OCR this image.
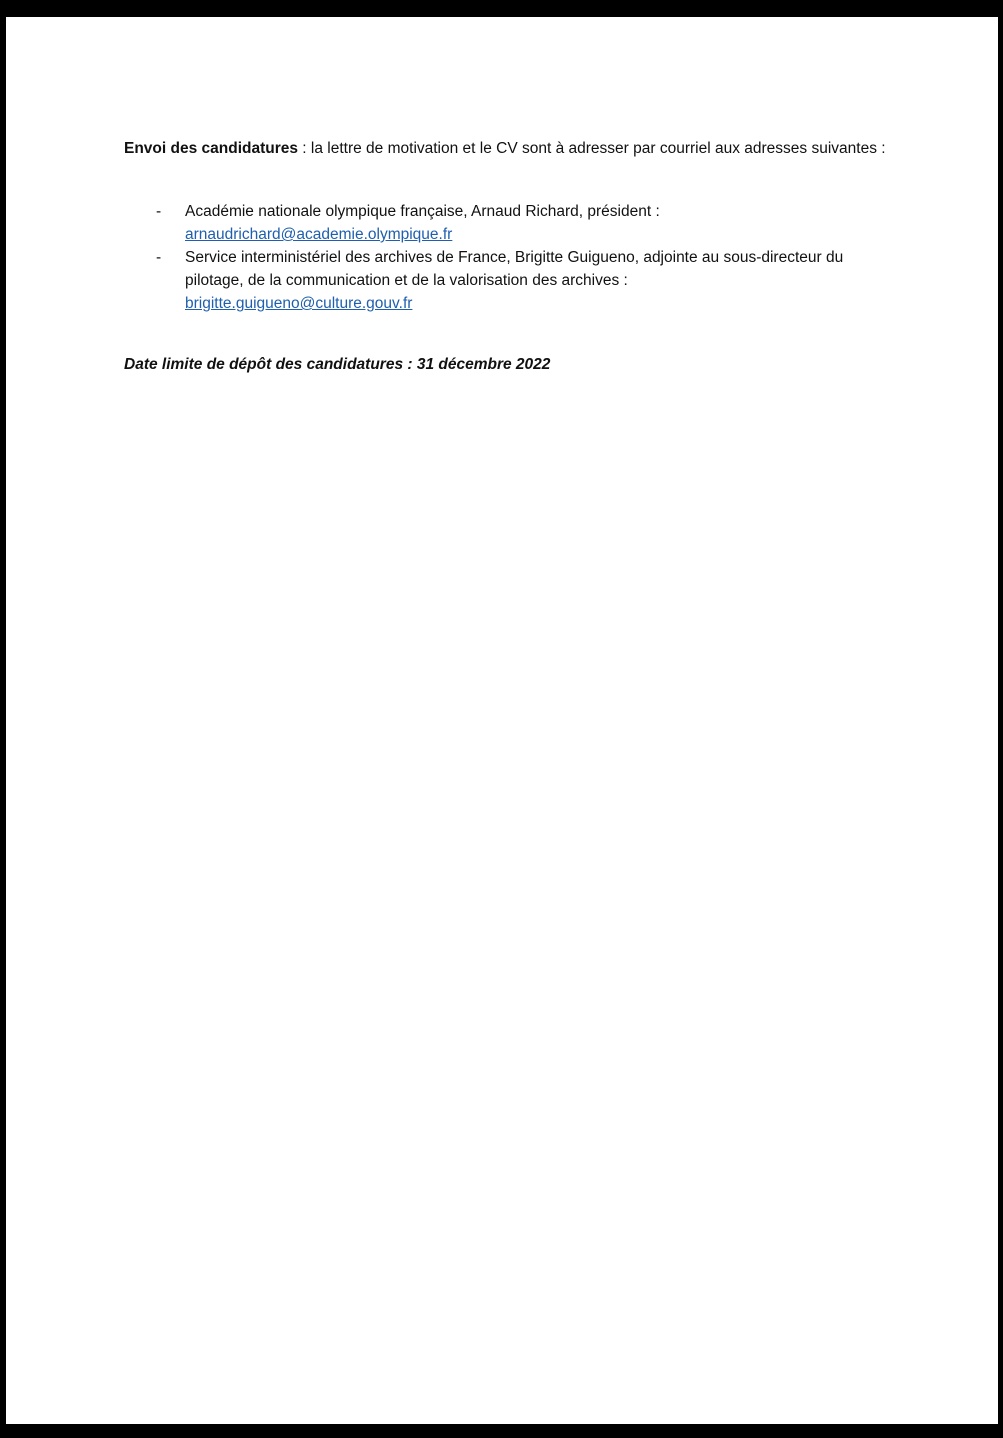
Envoi des candidatures : la lettre de motivation et le CV sont à adresser par courriel aux adresses suivantes :

- Académie nationale olympique française, Arnaud Richard, président :
arnaudrichard@academie.olympique.fr
- Service interministériel des archives de France, Brigitte Guigueno, adjointe au sous-directeur du pilotage, de la communication et de la valorisation des archives :
brigitte.guigueno@culture.gouv.fr

Date limite de dépôt des candidatures : 31 décembre 2022
